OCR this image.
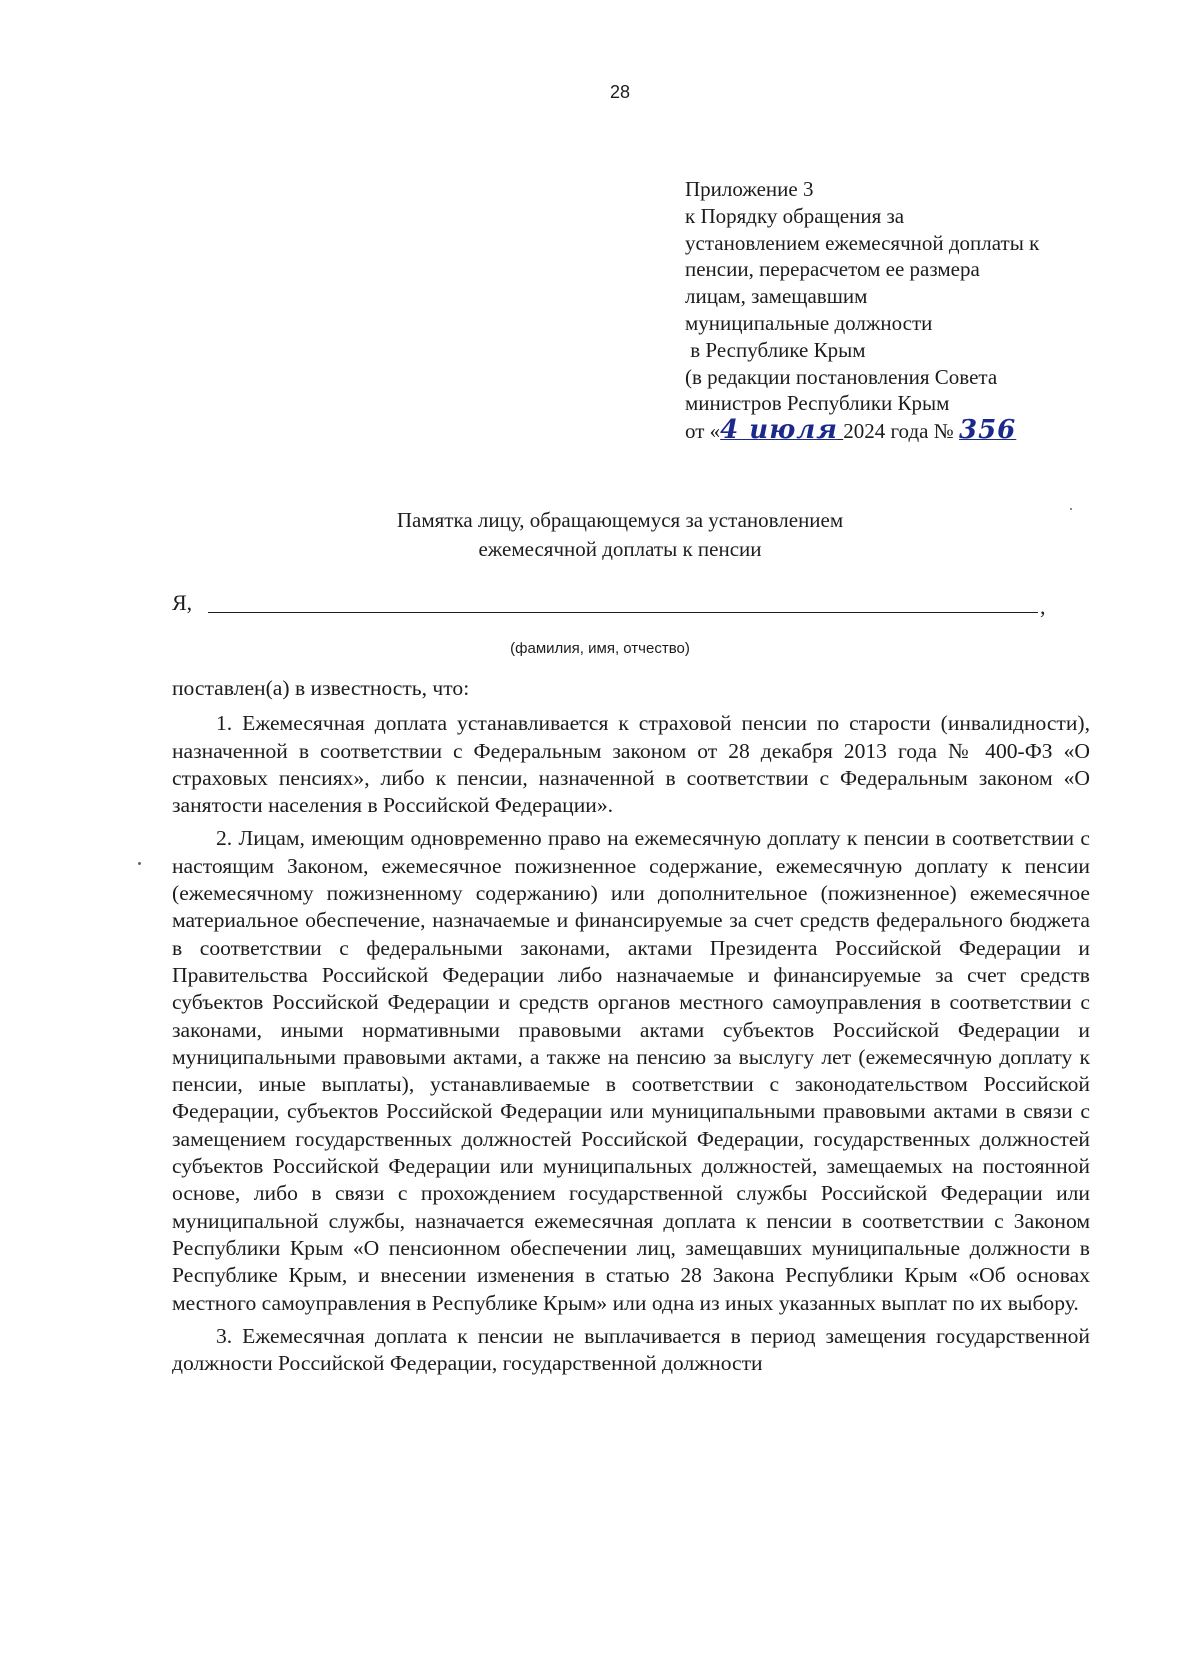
28
Приложение 3
к Порядку обращения за
установлением ежемесячной доплаты к
пенсии, перерасчетом ее размера
лицам, замещавшим
муниципальные должности
в Республике Крым
(в редакции постановления Совета
министров Республики Крым
от «4 июля 2024 года № 356
Памятка лицу, обращающемуся за установлением
ежемесячной доплаты к пенсии
Я,	,
(фамилия, имя, отчество)

поставлен(а) в известность, что:

1. Ежемесячная доплата устанавливается к страховой пенсии по старости (инвалидности), назначенной в соответствии с Федеральным законом от 28 декабря 2013 года № 400-ФЗ «О страховых пенсиях», либо к пенсии, назначенной в соответствии с Федеральным законом «О занятости населения в Российской Федерации».

2. Лицам, имеющим одновременно право на ежемесячную доплату к пенсии в соответствии с настоящим Законом, ежемесячное пожизненное содержание, ежемесячную доплату к пенсии (ежемесячному пожизненному содержанию) или дополнительное (пожизненное) ежемесячное материальное обеспечение, назначаемые и финансируемые за счет средств федерального бюджета в соответствии с федеральными законами, актами Президента Российской Федерации и Правительства Российской Федерации либо назначаемые и финансируемые за счет средств субъектов Российской Федерации и средств органов местного самоуправления в соответствии с законами, иными нормативными правовыми актами субъектов Российской Федерации и муниципальными правовыми актами, а также на пенсию за выслугу лет (ежемесячную доплату к пенсии, иные выплаты), устанавливаемые в соответствии с законодательством Российской Федерации, субъектов Российской Федерации или муниципальными правовыми актами в связи с замещением государственных должностей Российской Федерации, государственных должностей субъектов Российской Федерации или муниципальных должностей, замещаемых на постоянной основе, либо в связи с прохождением государственной службы Российской Федерации или муниципальной службы, назначается ежемесячная доплата к пенсии в соответствии с Законом Республики Крым «О пенсионном обеспечении лиц, замещавших муниципальные должности в Республике Крым, и внесении изменения в статью 28 Закона Республики Крым «Об основах местного самоуправления в Республике Крым» или одна из иных указанных выплат по их выбору.

3. Ежемесячная доплата к пенсии не выплачивается в период замещения государственной должности Российской Федерации, государственной должности
